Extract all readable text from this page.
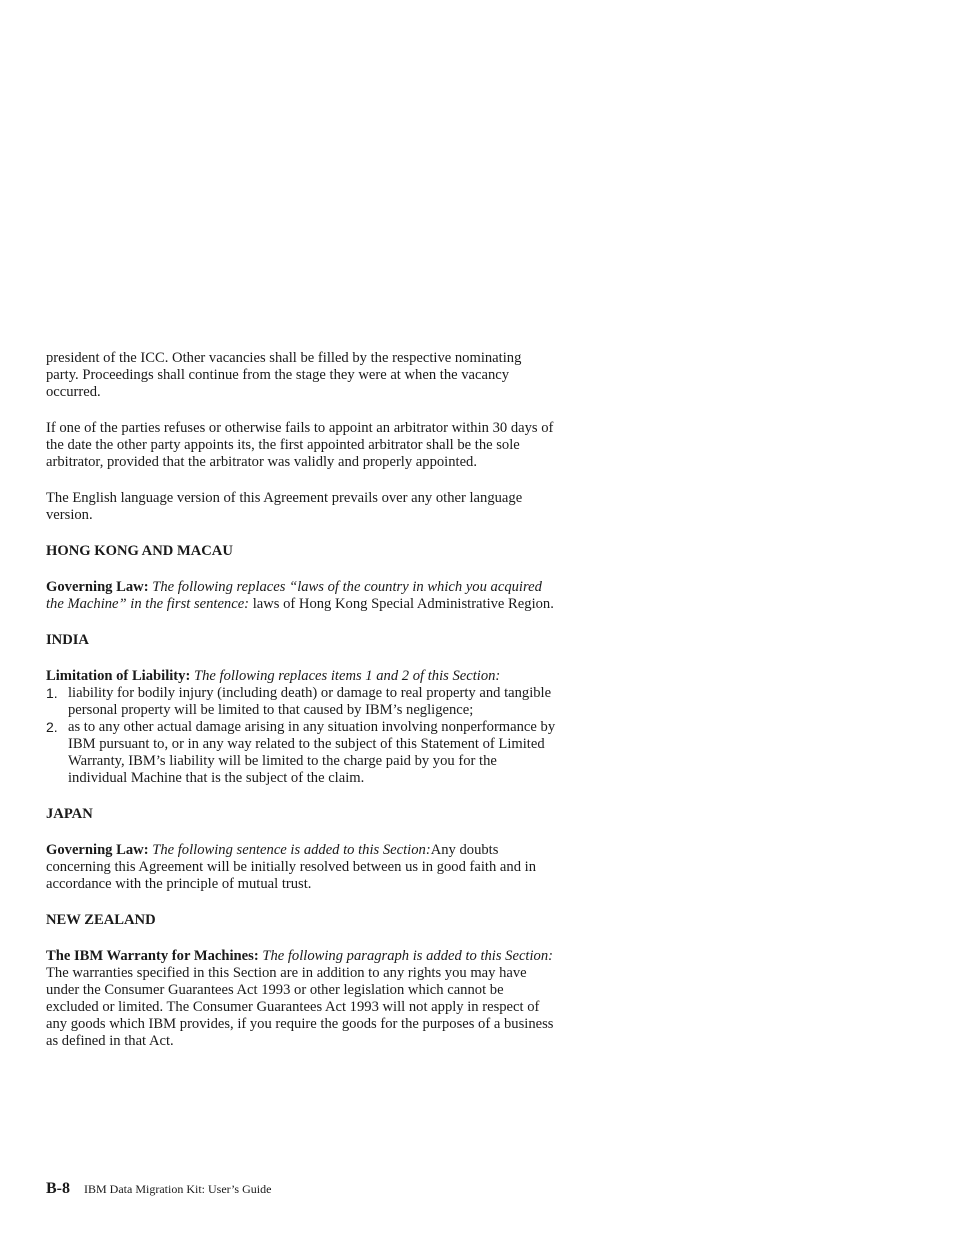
president of the ICC. Other vacancies shall be filled by the respective nominating party. Proceedings shall continue from the stage they were at when the vacancy occurred.

If one of the parties refuses or otherwise fails to appoint an arbitrator within 30 days of the date the other party appoints its, the first appointed arbitrator shall be the sole arbitrator, provided that the arbitrator was validly and properly appointed.

The English language version of this Agreement prevails over any other language version.

HONG KONG AND MACAU

Governing Law: The following replaces “laws of the country in which you acquired the Machine” in the first sentence: laws of Hong Kong Special Administrative Region.

INDIA
Limitation of Liability: The following replaces items 1 and 2 of this Section:
1. liability for bodily injury (including death) or damage to real property and tangible personal property will be limited to that caused by IBM’s negligence;
2. as to any other actual damage arising in any situation involving nonperformance by IBM pursuant to, or in any way related to the subject of this Statement of Limited Warranty, IBM’s liability will be limited to the charge paid by you for the individual Machine that is the subject of the claim.
JAPAN

Governing Law: The following sentence is added to this Section:Any doubts concerning this Agreement will be initially resolved between us in good faith and in accordance with the principle of mutual trust.

NEW ZEALAND

The IBM Warranty for Machines: The following paragraph is added to this Section: The warranties specified in this Section are in addition to any rights you may have under the Consumer Guarantees Act 1993 or other legislation which cannot be excluded or limited. The Consumer Guarantees Act 1993 will not apply in respect of any goods which IBM provides, if you require the goods for the purposes of a business as defined in that Act.

B-8 IBM Data Migration Kit: User’s Guide
